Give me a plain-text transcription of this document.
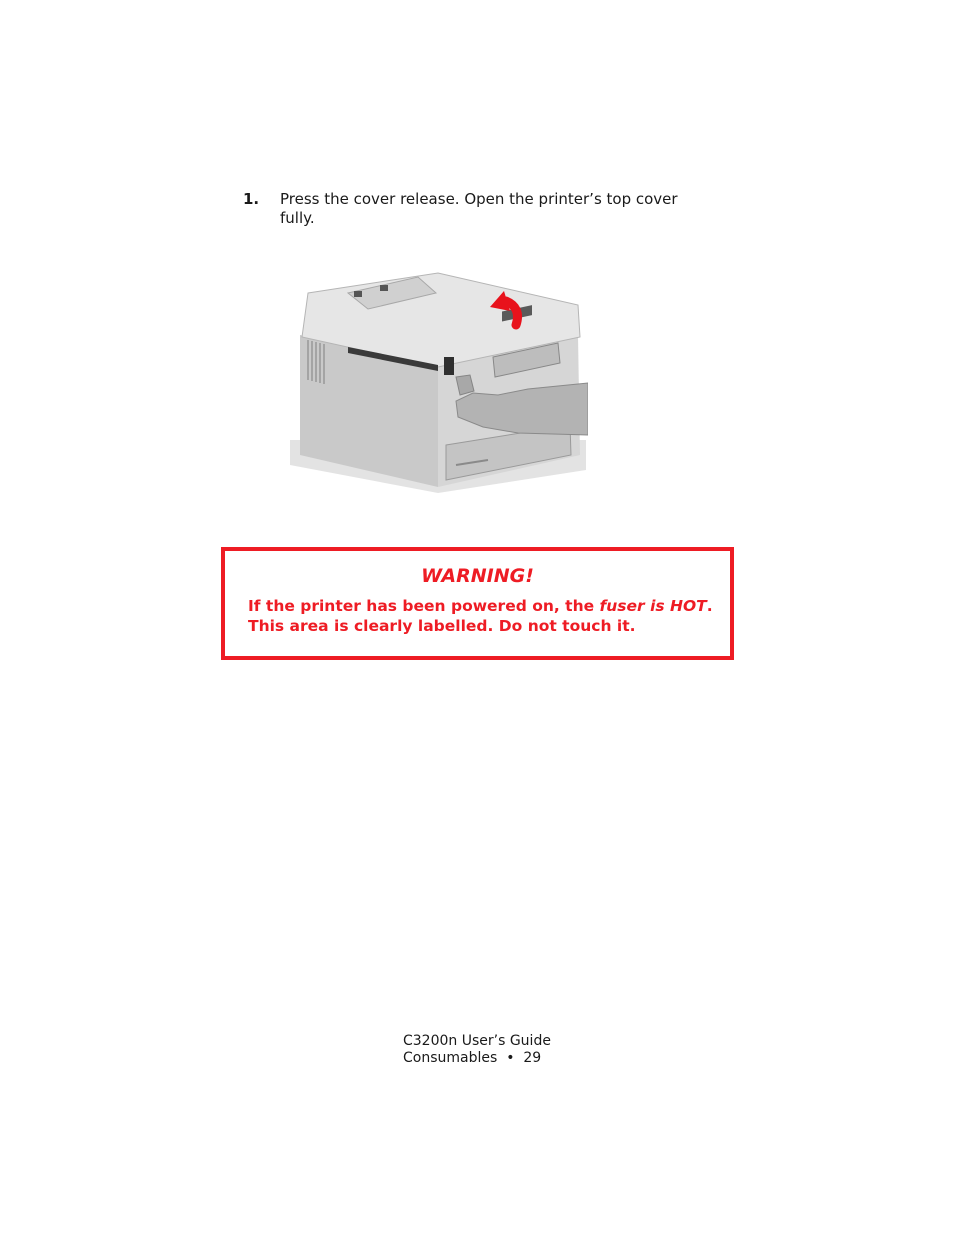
1. Press the cover release. Open the printer’s top cover fully.
WARNING!
If the printer has been powered on, the fuser is HOT. This area is clearly labelled. Do not touch it.
C3200n User’s Guide
Consumables • 29
